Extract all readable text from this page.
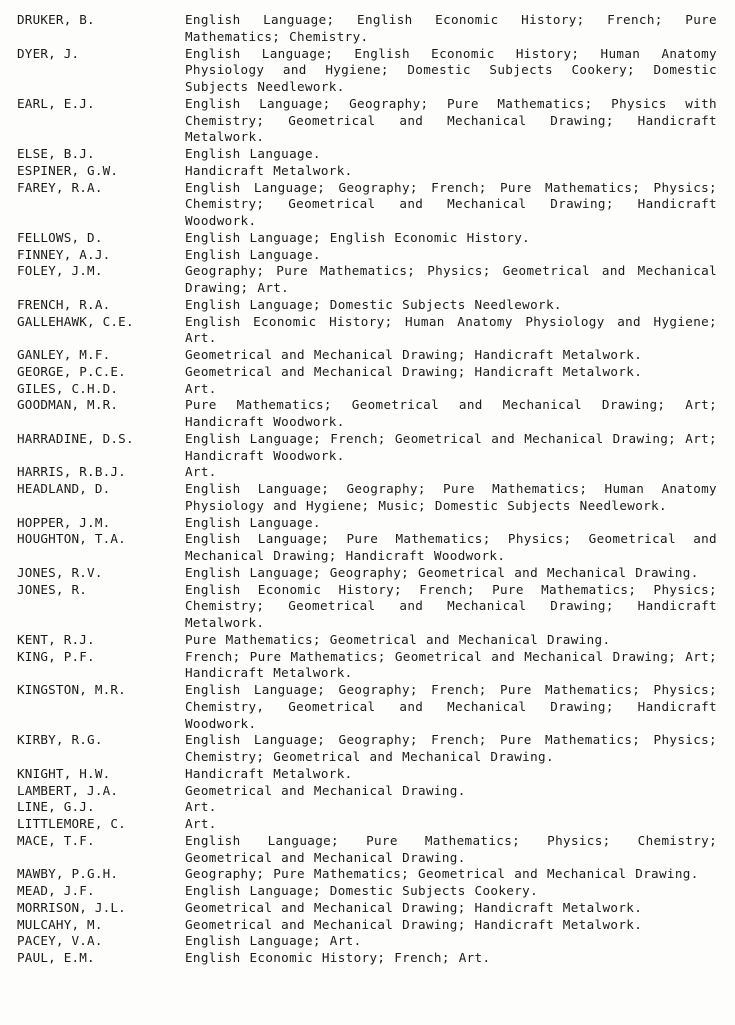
DRUKER, B.	English Language; English Economic History; French; Pure Mathematics; Chemistry.
DYER, J.	English Language; English Economic History; Human Anatomy Physiology and Hygiene; Domestic Subjects Cookery; Domestic Subjects Needlework.
EARL, E.J.	English Language; Geography; Pure Mathematics; Physics with Chemistry; Geometrical and Mechanical Drawing; Handicraft Metalwork.
ELSE, B.J.	English Language.
ESPINER, G.W.	Handicraft Metalwork.
FAREY, R.A.	English Language; Geography; French; Pure Mathematics; Physics; Chemistry; Geometrical and Mechanical Drawing; Handicraft Woodwork.
FELLOWS, D.	English Language; English Economic History.
FINNEY, A.J.	English Language.
FOLEY, J.M.	Geography; Pure Mathematics; Physics; Geometrical and Mechanical Drawing; Art.
FRENCH, R.A.	English Language; Domestic Subjects Needlework.
GALLEHAWK, C.E.	English Economic History; Human Anatomy Physiology and Hygiene; Art.
GANLEY, M.F.	Geometrical and Mechanical Drawing; Handicraft Metalwork.
GEORGE, P.C.E.	Geometrical and Mechanical Drawing; Handicraft Metalwork.
GILES, C.H.D.	Art.
GOODMAN, M.R.	Pure Mathematics; Geometrical and Mechanical Drawing; Art; Handicraft Woodwork.
HARRADINE, D.S.	English Language; French; Geometrical and Mechanical Drawing; Art; Handicraft Woodwork.
HARRIS, R.B.J.	Art.
HEADLAND, D.	English Language; Geography; Pure Mathematics; Human Anatomy Physiology and Hygiene; Music; Domestic Subjects Needlework.
HOPPER, J.M.	English Language.
HOUGHTON, T.A.	English Language; Pure Mathematics; Physics; Geometrical and Mechanical Drawing; Handicraft Woodwork.
JONES, R.V.	English Language; Geography; Geometrical and Mechanical Drawing.
JONES, R.	English Economic History; French; Pure Mathematics; Physics; Chemistry; Geometrical and Mechanical Drawing; Handicraft Metalwork.
KENT, R.J.	Pure Mathematics; Geometrical and Mechanical Drawing.
KING, P.F.	French; Pure Mathematics; Geometrical and Mechanical Drawing; Art; Handicraft Metalwork.
KINGSTON, M.R.	English Language; Geography; French; Pure Mathematics; Physics; Chemistry, Geometrical and Mechanical Drawing; Handicraft Woodwork.
KIRBY, R.G.	English Language; Geography; French; Pure Mathematics; Physics; Chemistry; Geometrical and Mechanical Drawing.
KNIGHT, H.W.	Handicraft Metalwork.
LAMBERT, J.A.	Geometrical and Mechanical Drawing.
LINE, G.J.	Art.
LITTLEMORE, C.	Art.
MACE, T.F.	English Language; Pure Mathematics; Physics; Chemistry; Geometrical and Mechanical Drawing.
MAWBY, P.G.H.	Geography; Pure Mathematics; Geometrical and Mechanical Drawing.
MEAD, J.F.	English Language; Domestic Subjects Cookery.
MORRISON, J.L.	Geometrical and Mechanical Drawing; Handicraft Metalwork.
MULCAHY, M.	Geometrical and Mechanical Drawing; Handicraft Metalwork.
PACEY, V.A.	English Language; Art.
PAUL, E.M.	English Economic History; French; Art.
